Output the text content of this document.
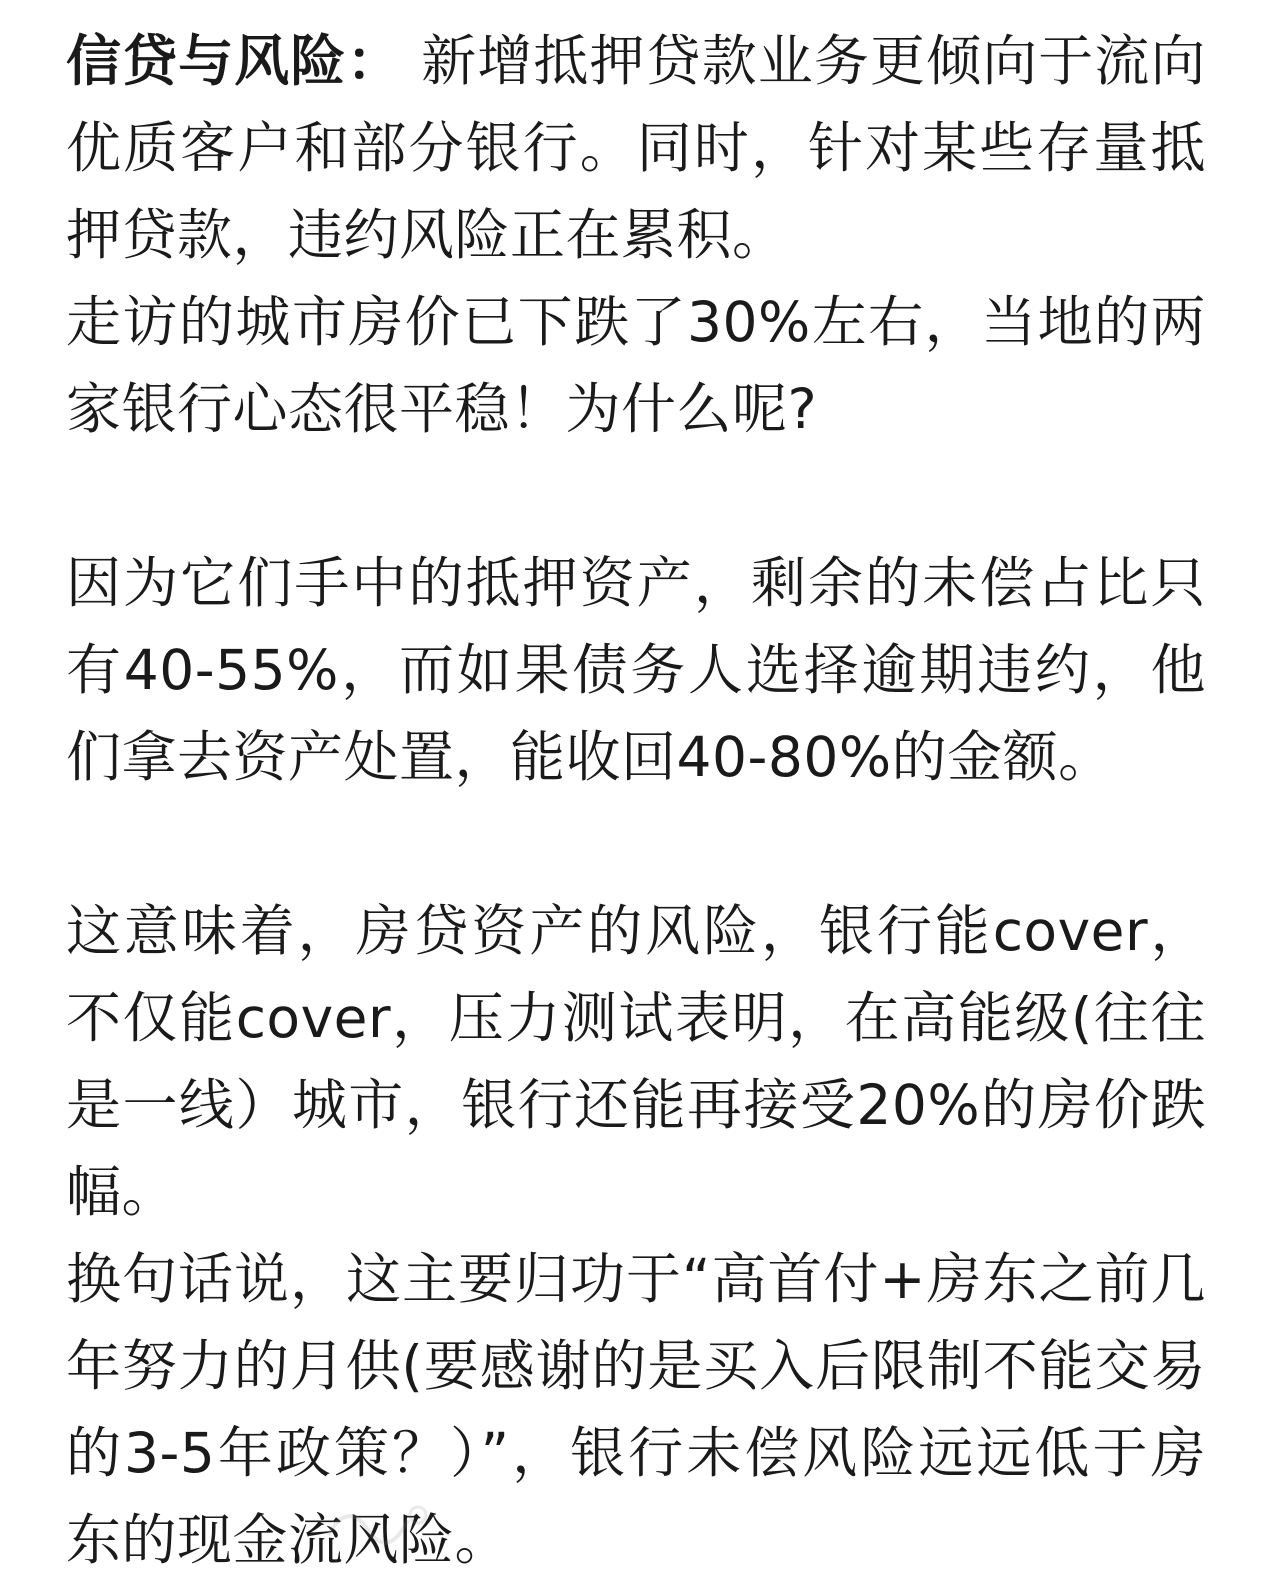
信贷与风险： 新增抵押贷款业务更倾向于流向优质客户和部分银行。同时，针对某些存量抵押贷款，违约风险正在累积。

走访的城市房价已下跌了30%左右，当地的两家银行心态很平稳！为什么呢?

因为它们手中的抵押资产，剩余的未偿占比只有40-55%，而如果债务人选择逾期违约，他们拿去资产处置，能收回40-80%的金额。

这意味着，房贷资产的风险，银行能cover，不仅能cover，压力测试表明，在高能级(往往是一线）城市，银行还能再接受20%的房价跌幅。

换句话说，这主要归功于“高首付+房东之前几年努力的月供(要感谢的是买入后限制不能交易的3-5年政策？）”，银行未偿风险远远低于房东的现金流风险。
